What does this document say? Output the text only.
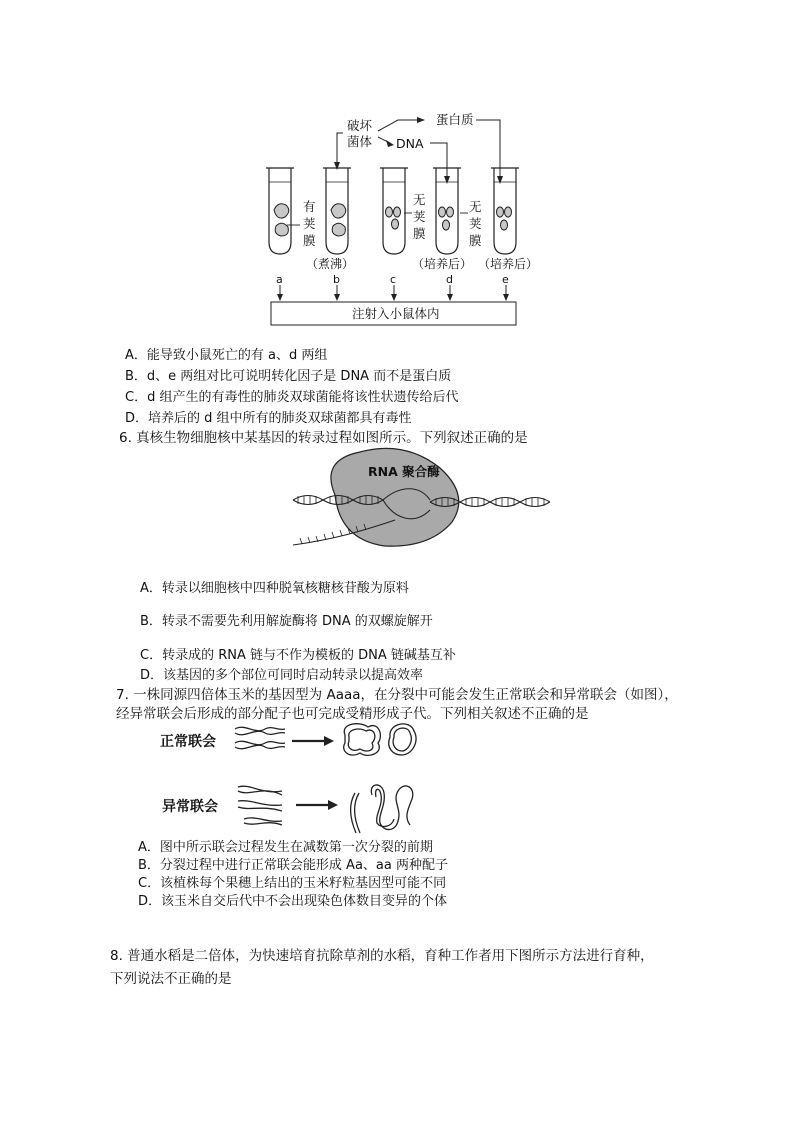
破坏
菌体 DNA
蛋白质
有
荚
膜
无
荚
膜
无
荚
膜
（煮沸）	（培养后） （培养后）
a	b	c	d	e
注射入小鼠体内
A．能导致小鼠死亡的有 a、d 两组
B．d、e 两组对比可说明转化因子是 DNA 而不是蛋白质
C．d 组产生的有毒性的肺炎双球菌能将该性状遗传给后代
D．培养后的 d 组中所有的肺炎双球菌都具有毒性
6. 真核生物细胞核中某基因的转录过程如图所示。下列叙述正确的是
RNA 聚合酶
A．转录以细胞核中四种脱氧核糖核苷酸为原料
B．转录不需要先利用解旋酶将 DNA 的双螺旋解开
C．转录成的 RNA 链与不作为模板的 DNA 链碱基互补
D．该基因的多个部位可同时启动转录以提高效率
7. 一株同源四倍体玉米的基因型为 Aaaa，在分裂中可能会发生正常联会和异常联会（如图），
经异常联会后形成的部分配子也可完成受精形成子代。下列相关叙述不正确的是
正常联会
异常联会
A．图中所示联会过程发生在减数第一次分裂的前期
B．分裂过程中进行正常联会能形成 Aa、aa 两种配子
C．该植株每个果穗上结出的玉米籽粒基因型可能不同
D．该玉米自交后代中不会出现染色体数目变异的个体
8. 普通水稻是二倍体，为快速培育抗除草剂的水稻，育种工作者用下图所示方法进行育种，
下列说法不正确的是
